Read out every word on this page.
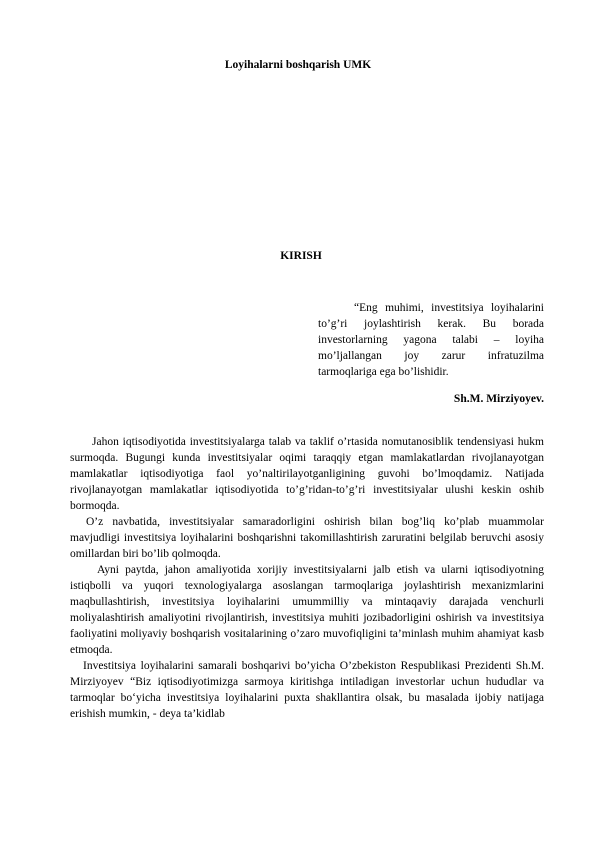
Loyihalarni boshqarish UMK
KIRISH
“Eng muhimi, investitsiya loyihalarini to’g’ri joylashtirish kerak. Bu borada investorlarning yagona talabi – loyiha mo’ljallangan joy zarur infratuzilma tarmoqlariga ega bo’lishidir.
Sh.M. Mirziyoyev.

Jahon iqtisodiyotida investitsiyalarga talab va taklif o’rtasida nomutanosiblik tendensiyasi hukm surmoqda. Bugungi kunda investitsiyalar oqimi taraqqiy etgan mamlakatlardan rivojlanayotgan mamlakatlar iqtisodiyotiga faol yo’naltirilayotganligining guvohi bo’lmoqdamiz. Natijada rivojlanayotgan mamlakatlar iqtisodiyotida to’g’ridan-to’g’ri investitsiyalar ulushi keskin oshib bormoqda.

O’z navbatida, investitsiyalar samaradorligini oshirish bilan bog’liq ko’plab muammolar mavjudligi investitsiya loyihalarini boshqarishni takomillashtirish zaruratini belgilab beruvchi asosiy omillardan biri bo’lib qolmoqda.

Ayni paytda, jahon amaliyotida xorijiy investitsiyalarni jalb etish va ularni iqtisodiyotning istiqbolli va yuqori texnologiyalarga asoslangan tarmoqlariga joylashtirish mexanizmlarini maqbullashtirish, investitsiya loyihalarini umummilliy va mintaqaviy darajada venchurli moliyalashtirish amaliyotini rivojlantirish, investitsiya muhiti jozibadorligini oshirish va investitsiya faoliyatini moliyaviy boshqarish vositalarining o’zaro muvofiqligini ta’minlash muhim ahamiyat kasb etmoqda.

Investitsiya loyihalarini samarali boshqarivi bo’yicha O’zbekiston Respublikasi Prezidenti Sh.M. Mirziyoyev “Biz iqtisodiyotimizga sarmoya kiritishga intiladigan investorlar uchun hududlar va tarmoqlar bo‘yicha investitsiya loyihalarini puxta shakllantira olsak, bu masalada ijobiy natijaga erishish mumkin, - deya ta’kidlab
